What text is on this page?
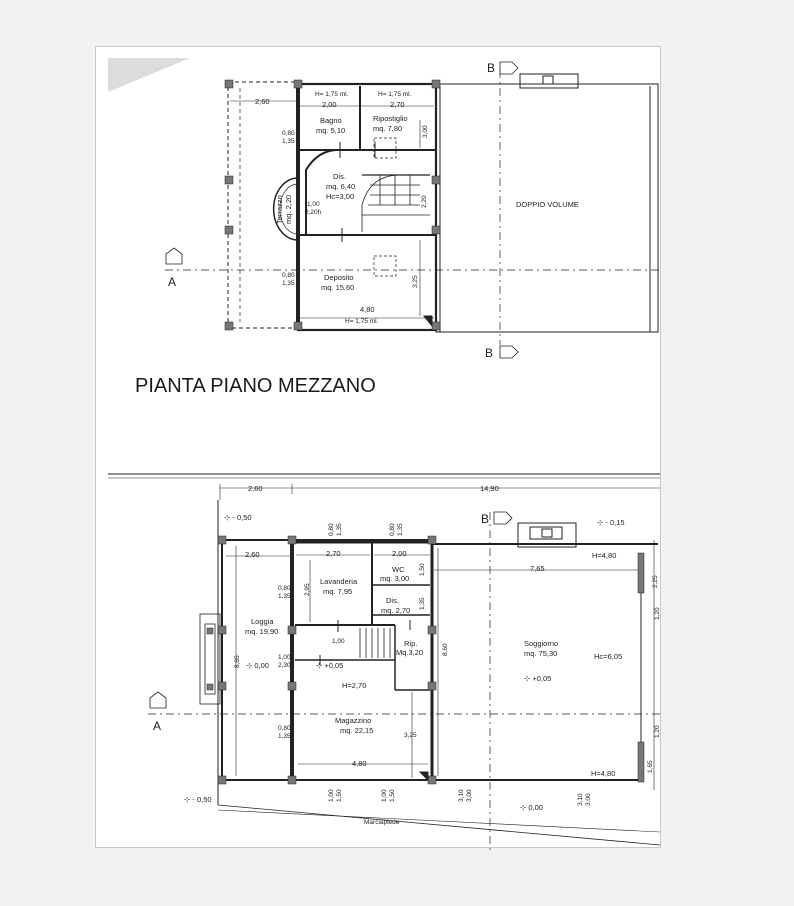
2,60
H= 1,75 ml.	H= 1,75 ml.
2,00	2,70
Bagno
mq. 5,10
Ripostiglio
mq. 7,80	3,00
0,80
1,35
Dis.
mq. 6,40
Hc=3,00	2,20
Terrazzo mq. 2,20 1,00
2,20h
0,80
1,35
Deposito
mq. 15,60	3,25
4,80
H= 1,75 ml.
DOPPIO VOLUME
B
B
A
PIANTA PIANO MEZZANO
2,60	14,90
⊹ - 0,50
⊹ - 0,15
0,80 1,35	0,80 1,35
2,60	2,70	2,00	H=4,80
7,65
2,25
1,20
WC
mq. 3,00
1,50
Lavanderia
mq. 7,95
2,95
0,80
1,35	Dis.
mq. 2,70
1,35
Loggia
mq. 19,90
1,00	Rip.
Mq.3,20	8,60	Soggiorno
mq. 75,30	Hc=6,05
8,65	1,00
2,30
⊹ 0,00	⊹ +0,05
⊹ +0,05
H=2,70
Magazzino
mq. 22,15
3,25
0,80
1,35	1,20
4,80	1,65
H=4,80
1,00 1,50	1,00 1,50	3,10 3,00	3,10 3,00
⊹ - 0,50
⊹ 0,00
Marciapiede
B
A
